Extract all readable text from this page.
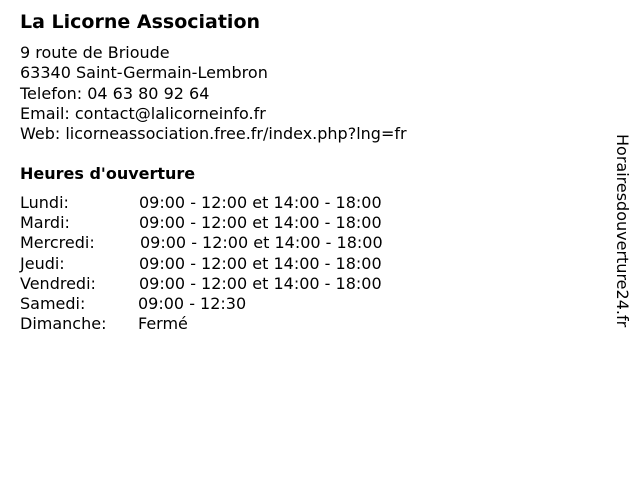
La Licorne Association
9 route de Brioude
63340 Saint-Germain-Lembron
Telefon: 04 63 80 92 64
Email: contact@lalicorneinfo.fr
Web: licorneassociation.free.fr/index.php?lng=fr
Heures d'ouverture
Lundi:	09:00 - 12:00 et 14:00 - 18:00
Mardi:	09:00 - 12:00 et 14:00 - 18:00
Mercredi:	09:00 - 12:00 et 14:00 - 18:00
Jeudi:	09:00 - 12:00 et 14:00 - 18:00
Vendredi:	09:00 - 12:00 et 14:00 - 18:00
Samedi:	09:00 - 12:30
Dimanche: Fermé	Horairesdouverture24.fr
